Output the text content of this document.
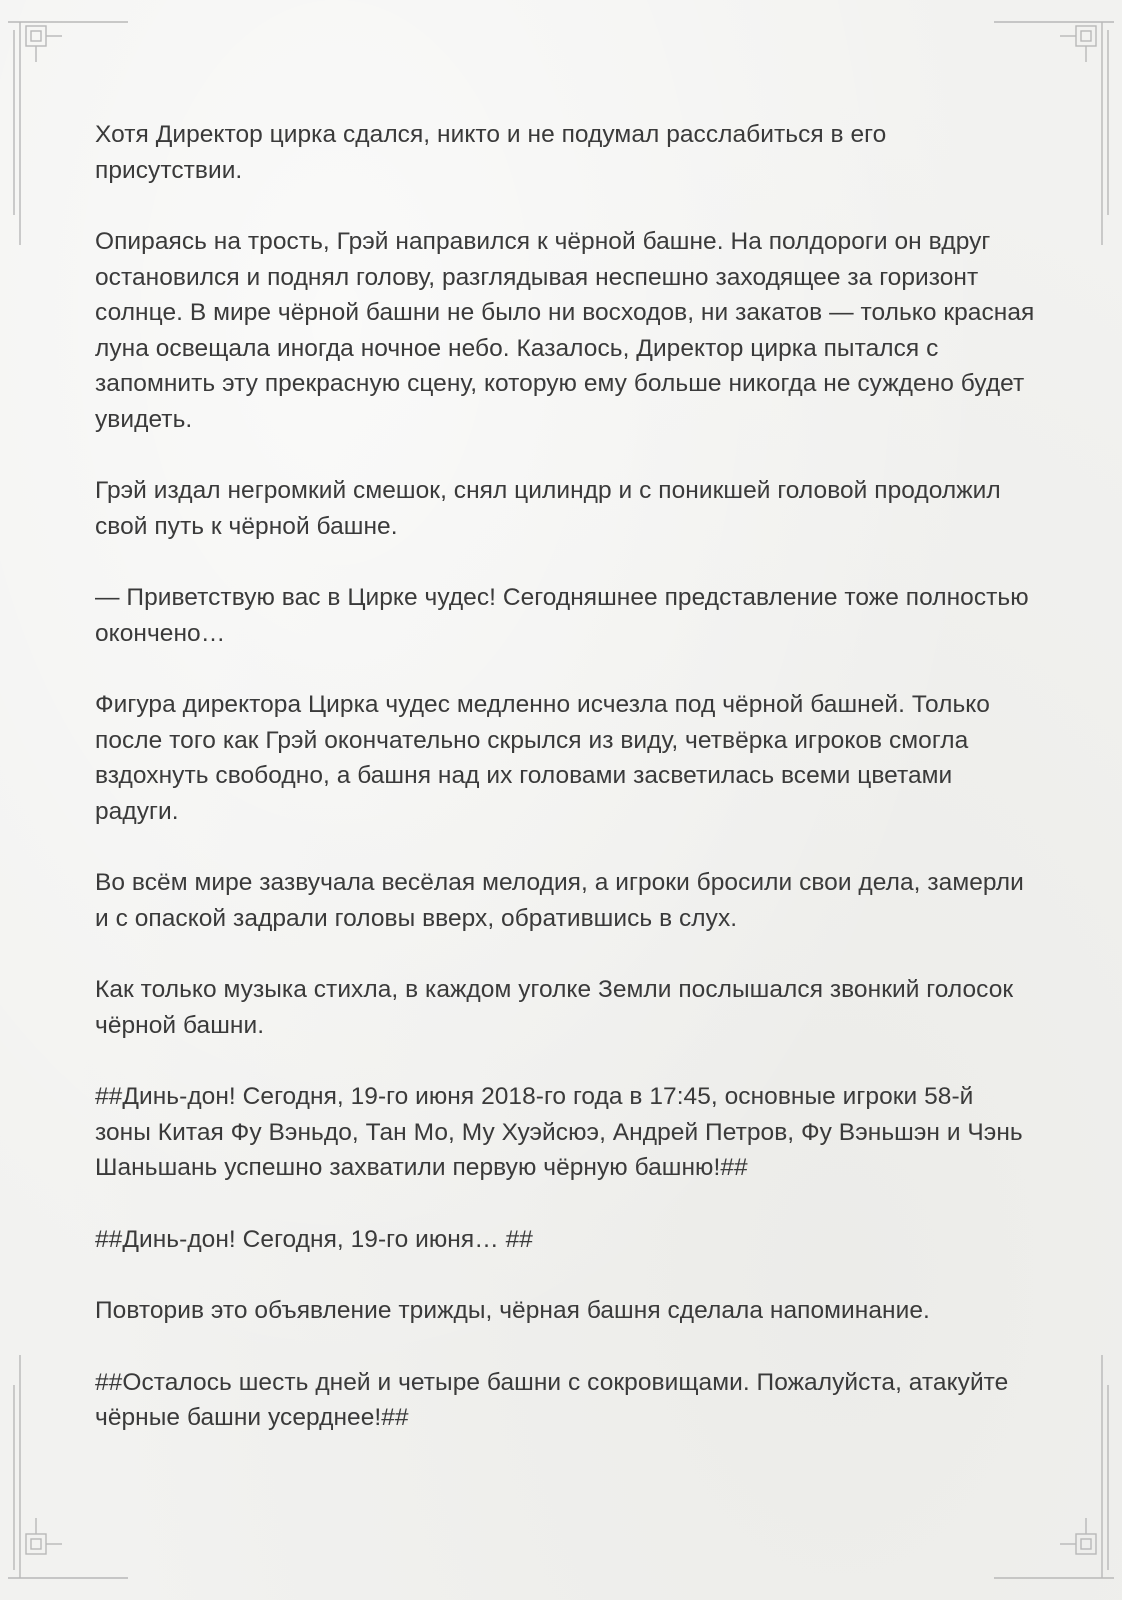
Хотя Директор цирка сдался, никто и не подумал расслабиться в его присутствии.

Опираясь на трость, Грэй направился к чёрной башне. На полдороги он вдруг остановился и поднял голову, разглядывая неспешно заходящее за горизонт солнце. В мире чёрной башни не было ни восходов, ни закатов — только красная луна освещала иногда ночное небо. Казалось, Директор цирка пытался с запомнить эту прекрасную сцену, которую ему больше никогда не суждено будет увидеть.

Грэй издал негромкий смешок, снял цилиндр и с поникшей головой продолжил свой путь к чёрной башне.

— Приветствую вас в Цирке чудес! Сегодняшнее представление тоже полностью окончено…

Фигура директора Цирка чудес медленно исчезла под чёрной башней. Только после того как Грэй окончательно скрылся из виду, четвёрка игроков смогла вздохнуть свободно, а башня над их головами засветилась всеми цветами радуги.

Во всём мире зазвучала весёлая мелодия, а игроки бросили свои дела, замерли и с опаской задрали головы вверх, обратившись в слух.

Как только музыка стихла, в каждом уголке Земли послышался звонкий голосок чёрной башни.

##Динь-дон! Сегодня, 19-го июня 2018-го года в 17:45, основные игроки 58-й зоны Китая Фу Вэньдо, Тан Мо, Му Хуэйсюэ, Андрей Петров, Фу Вэньшэн и Чэнь Шаньшань успешно захватили первую чёрную башню!##

##Динь-дон! Сегодня, 19-го июня… ##

Повторив это объявление трижды, чёрная башня сделала напоминание.

##Осталось шесть дней и четыре башни с сокровищами. Пожалуйста, атакуйте чёрные башни усерднее!##
